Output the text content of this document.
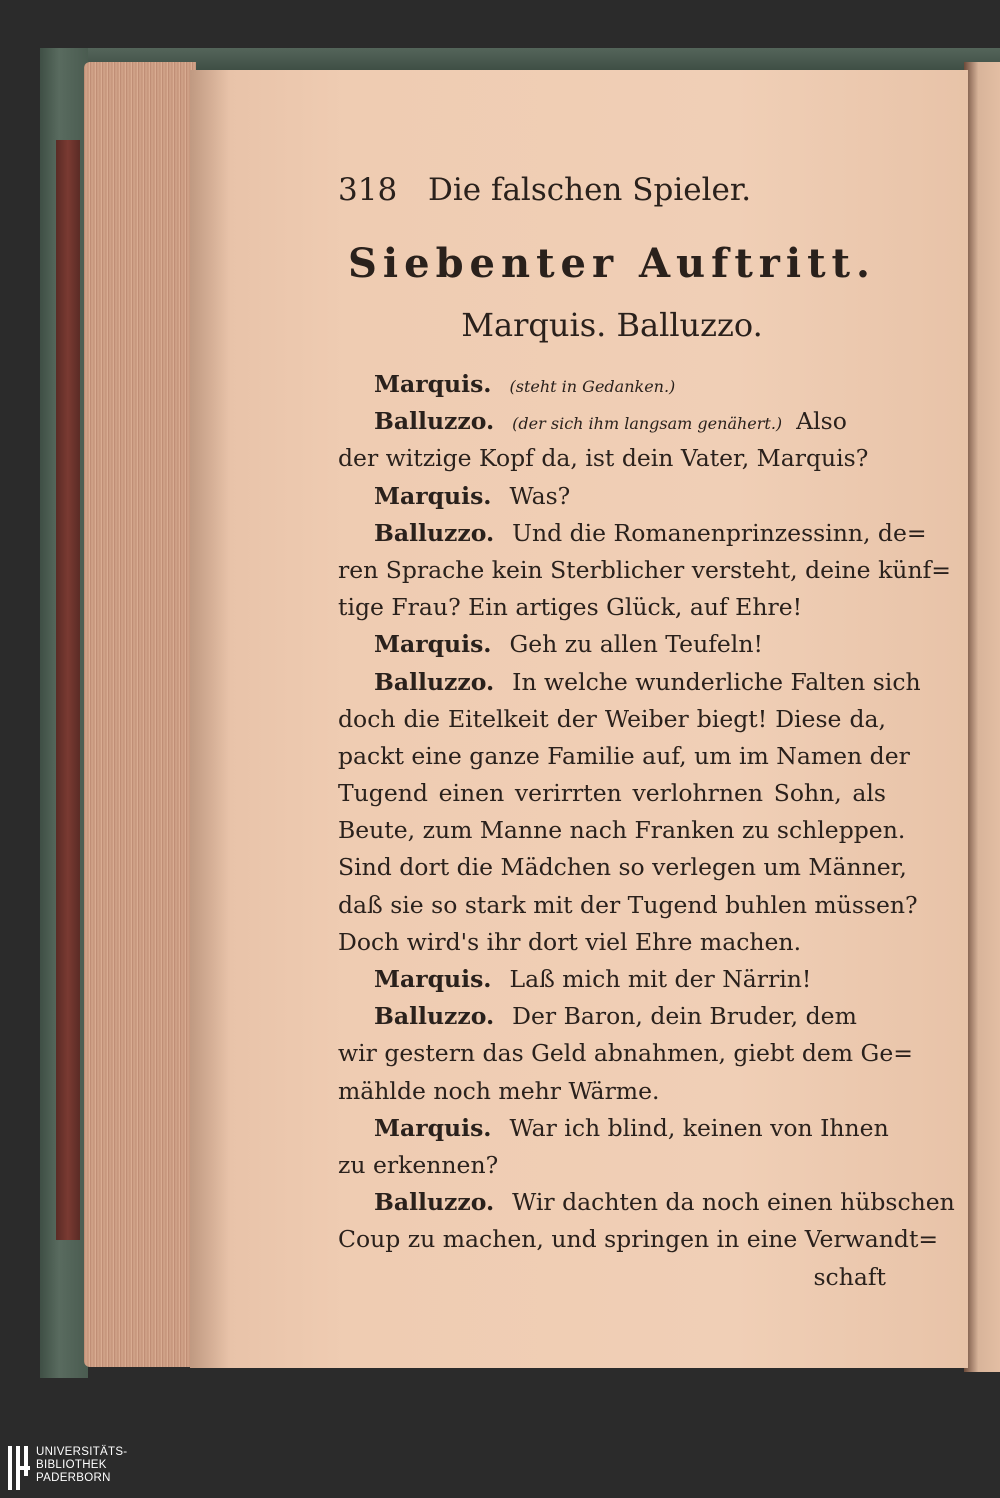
318 Die falschen Spieler.
Siebenter Auftritt.
Marquis. Balluzzo.
Marquis. (steht in Gedanken.)
Balluzzo. (der sich ihm langsam genähert.) Also
der witzige Kopf da, ist dein Vater, Marquis?
Marquis. Was?
Balluzzo. Und die Romanenprinzessinn, de=
ren Sprache kein Sterblicher versteht, deine künf=
tige Frau? Ein artiges Glück, auf Ehre!
Marquis. Geh zu allen Teufeln!
Balluzzo. In welche wunderliche Falten sich
doch die Eitelkeit der Weiber biegt! Diese da,
packt eine ganze Familie auf, um im Namen der
Tugend einen verirrten verlohrnen Sohn, als
Beute, zum Manne nach Franken zu schleppen.
Sind dort die Mädchen so verlegen um Männer,
daß sie so stark mit der Tugend buhlen müssen?
Doch wird's ihr dort viel Ehre machen.
Marquis. Laß mich mit der Närrin!
Balluzzo. Der Baron, dein Bruder, dem
wir gestern das Geld abnahmen, giebt dem Ge=
mählde noch mehr Wärme.
Marquis. War ich blind, keinen von Ihnen
zu erkennen?
Balluzzo. Wir dachten da noch einen hübschen
Coup zu machen, und springen in eine Verwandt=
schaft
UNIVERSITÄTS-
BIBLIOTHEK
PADERBORN
